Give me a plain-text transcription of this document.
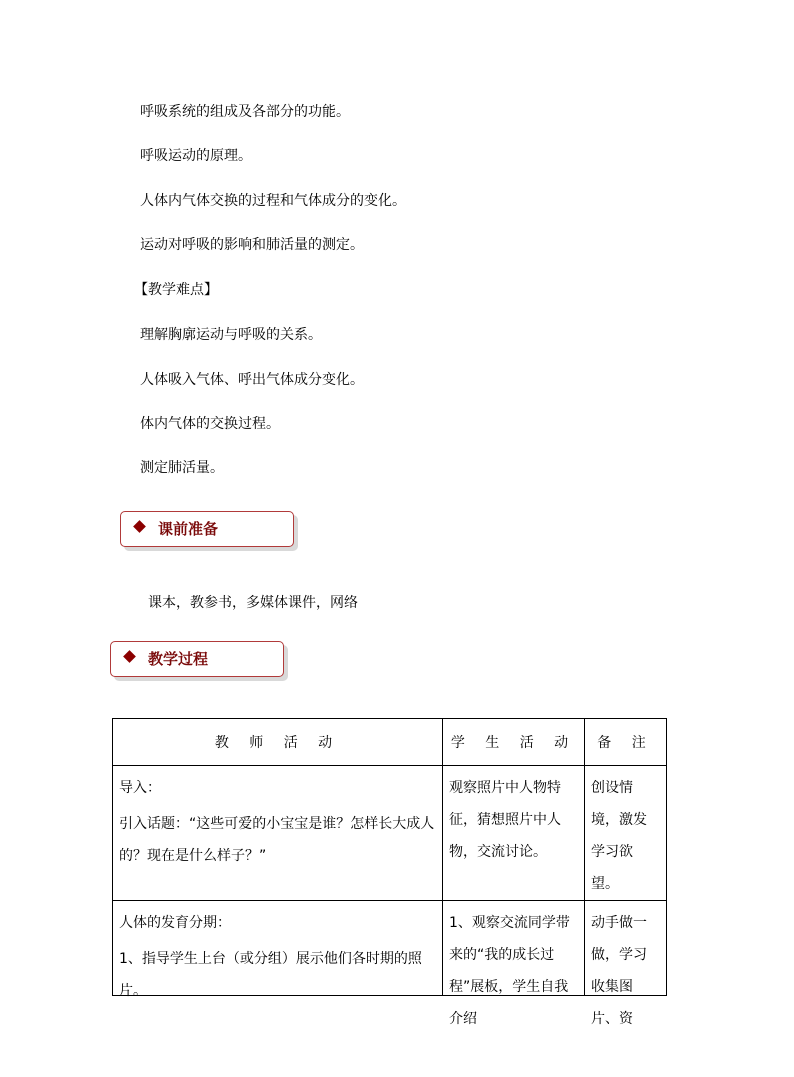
呼吸系统的组成及各部分的功能。
呼吸运动的原理。
人体内气体交换的过程和气体成分的变化。
运动对呼吸的影响和肺活量的测定。
【教学难点】
理解胸廓运动与呼吸的关系。
人体吸入气体、呼出气体成分变化。
体内气体的交换过程。
测定肺活量。
课前准备
课本，教参书，多媒体课件，网络
教学过程
教 师 活 动	学 生 活 动	备 注

导入：
引入话题：“这些可爱的小宝宝是谁？怎样长大成人的？现在是什么样子？”	观察照片中人物特征，猜想照片中人物，交流讨论。	创设情境，激发学习欲望。

人体的发育分期：
1、指导学生上台（或分组）展示他们各时期的照片。	1、观察交流同学带来的“我的成长过程”展板，学生自我介绍	动手做一做，学习收集图片、资
